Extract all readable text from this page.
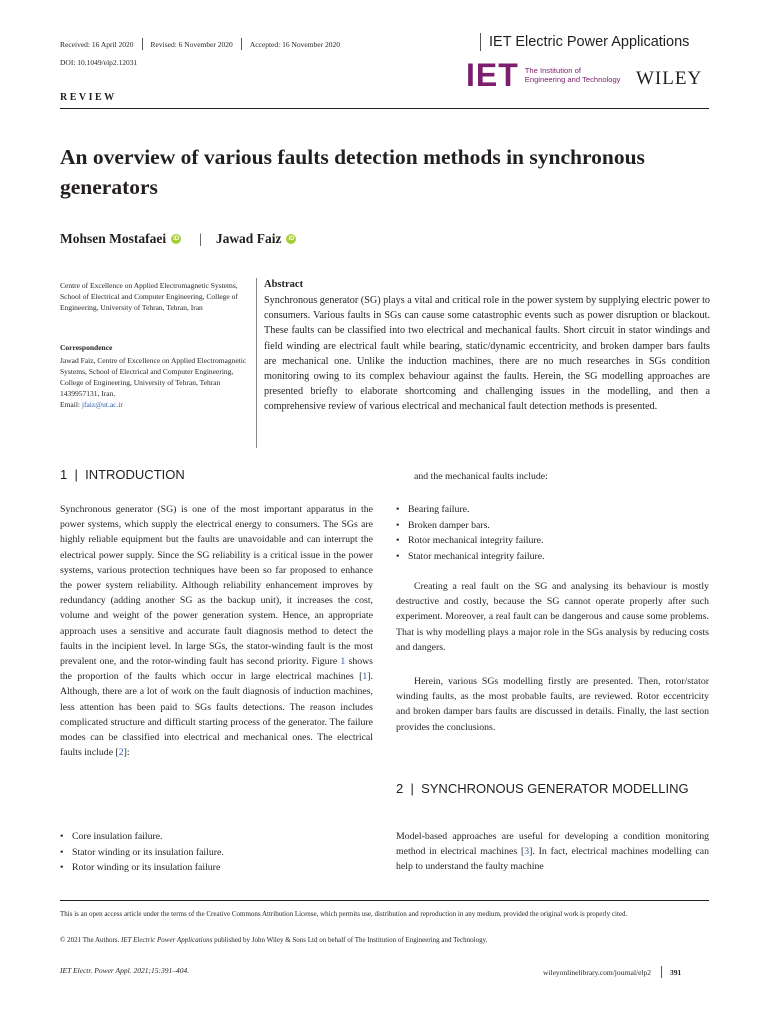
Received: 16 April 2020 Revised: 6 November 2020 Accepted: 16 November 2020	IET Electric Power Applications
DOI: 10.1049/elp2.12031	IET The Institution of
Engineering and Technology WILEY
REVIEW
An overview of various faults detection methods in synchronous generators
Mohsen Mostafaei	iD | Jawad Faiz	iD
Centre of Excellence on Applied Electromagnetic Systems, School of Electrical and Computer Engineering, College of Engineering, University of Tehran, Tehran, Iran
Correspondence
Jawad Faiz, Centre of Excellence on Applied Electromagnetic Systems, School of Electrical and Computer Engineering, College of Engineering, University of Tehran, Tehran 1439957131, Iran.
Email: jfaiz@ut.ac.ir
Abstract
Synchronous generator (SG) plays a vital and critical role in the power system by supplying electric power to consumers. Various faults in SGs can cause some catastrophic events such as power disruption or blackout. These faults can be classified into two electrical and mechanical faults. Short circuit in stator windings and field winding are electrical fault while bearing, static/dynamic eccentricity, and broken damper bars faults are mechanical one. Unlike the induction machines, there are no much researches in SGs condition monitoring owing to its complex behaviour against the faults. Herein, the SG modelling approaches are presented briefly to elaborate shortcoming and challenging issues in the modelling, and then a comprehensive review of various electrical and mechanical fault detection methods is presented.
1 | INTRODUCTION
Synchronous generator (SG) is one of the most important apparatus in the power systems, which supply the electrical energy to consumers. The SGs are highly reliable equipment but the faults are unavoidable and can interrupt the electrical power supply. Since the SG reliability is a critical issue in the power systems, various protection techniques have been so far proposed to enhance the power system reliability. Although reliability enhancement improves by redundancy (adding another SG as the backup unit), it increases the cost, volume and weight of the power generation system. Hence, an appropriate approach uses a sensitive and accurate fault diagnosis method to detect the faults in the incipient level. In large SGs, the stator-winding fault is the most prevalent one, and the rotor-winding fault has second priority. Figure 1 shows the proportion of the faults which occur in large electrical machines [1]. Although, there are a lot of work on the fault diagnosis of induction machines, less attention has been paid to SGs faults detections. The reason includes complicated structure and difficult starting process of the generator. The failure modes can be classified into electrical and mechanical ones. The electrical faults include [2]:
• Core insulation failure.
• Stator winding or its insulation failure.
• Rotor winding or its insulation failure
and the mechanical faults include:
• Bearing failure.
• Broken damper bars.
• Rotor mechanical integrity failure.
• Stator mechanical integrity failure.
Creating a real fault on the SG and analysing its behaviour is mostly destructive and costly, because the SG cannot operate properly after such experiment. Moreover, a real fault can be dangerous and cause some problems. That is why modelling plays a major role in the SGs analysis by reducing costs and dangers.
Herein, various SGs modelling firstly are presented. Then, rotor/stator winding faults, as the most probable faults, are reviewed. Rotor eccentricity and broken damper bars faults are discussed in details. Finally, the last section provides the conclusions.
2 | SYNCHRONOUS GENERATOR MODELLING
Model-based approaches are useful for developing a condition monitoring method in electrical machines [3]. In fact, electrical machines modelling can help to understand the faulty machine
This is an open access article under the terms of the Creative Commons Attribution License, which permits use, distribution and reproduction in any medium, provided the original work is properly cited.
© 2021 The Authors. IET Electric Power Applications published by John Wiley & Sons Ltd on behalf of The Institution of Engineering and Technology.
IET Electr. Power Appl. 2021;15:391–404.	wileyonlinelibrary.com/journal/elp2	391
